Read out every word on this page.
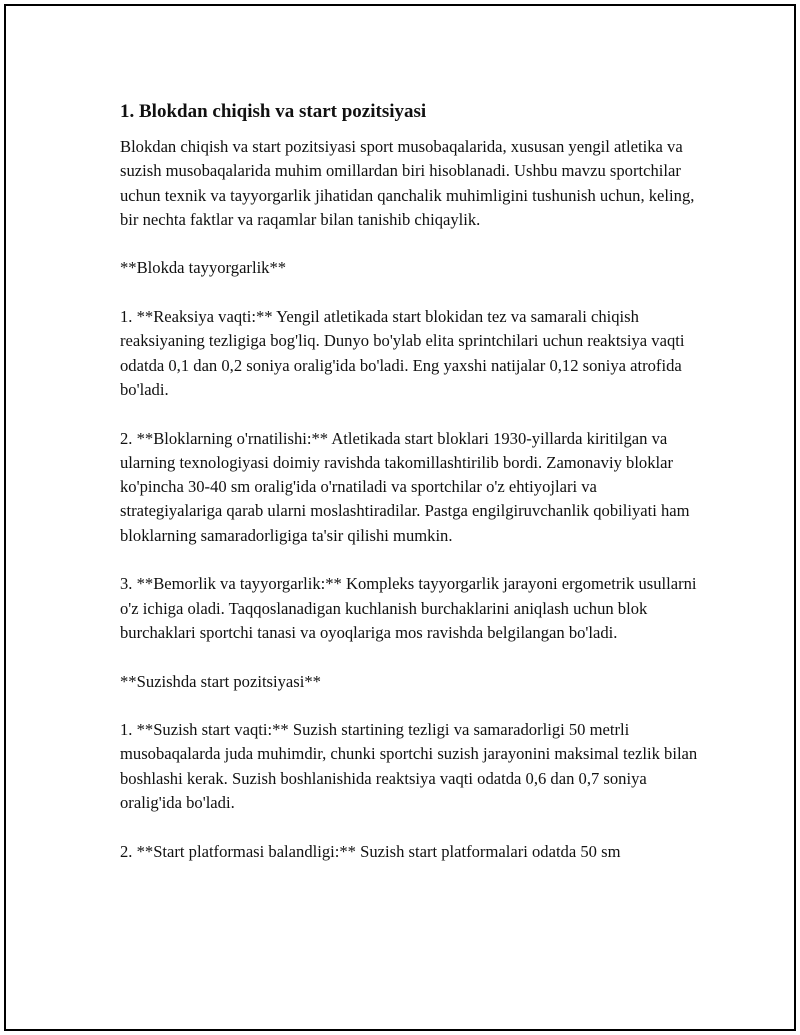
1. Blokdan chiqish va start pozitsiyasi

Blokdan chiqish va start pozitsiyasi sport musobaqalarida, xususan yengil atletika va suzish musobaqalarida muhim omillardan biri hisoblanadi. Ushbu mavzu sportchilar uchun texnik va tayyorgarlik jihatidan qanchalik muhimligini tushunish uchun, keling, bir nechta faktlar va raqamlar bilan tanishib chiqaylik.

**Blokda tayyorgarlik**

1. **Reaksiya vaqti:** Yengil atletikada start blokidan tez va samarali chiqish reaksiyaning tezligiga bog'liq. Dunyo bo'ylab elita sprintchilari uchun reaktsiya vaqti odatda 0,1 dan 0,2 soniya oralig'ida bo'ladi. Eng yaxshi natijalar 0,12 soniya atrofida bo'ladi.

2. **Bloklarning o'rnatilishi:** Atletikada start bloklari 1930-yillarda kiritilgan va ularning texnologiyasi doimiy ravishda takomillashtirilib bordi. Zamonaviy bloklar ko'pincha 30-40 sm oralig'ida o'rnatiladi va sportchilar o'z ehtiyojlari va strategiyalariga qarab ularni moslashtiradilar. Pastga engilgiruvchanlik qobiliyati ham bloklarning samaradorligiga ta'sir qilishi mumkin.

3. **Bemorlik va tayyorgarlik:** Kompleks tayyorgarlik jarayoni ergometrik usullarni o'z ichiga oladi. Taqqoslanadigan kuchlanish burchaklarini aniqlash uchun blok burchaklari sportchi tanasi va oyoqlariga mos ravishda belgilangan bo'ladi.

**Suzishda start pozitsiyasi**

1. **Suzish start vaqti:** Suzish startining tezligi va samaradorligi 50 metrli musobaqalarda juda muhimdir, chunki sportchi suzish jarayonini maksimal tezlik bilan boshlashi kerak. Suzish boshlanishida reaktsiya vaqti odatda 0,6 dan 0,7 soniya oralig'ida bo'ladi.

2. **Start platformasi balandligi:** Suzish start platformalari odatda 50 sm
